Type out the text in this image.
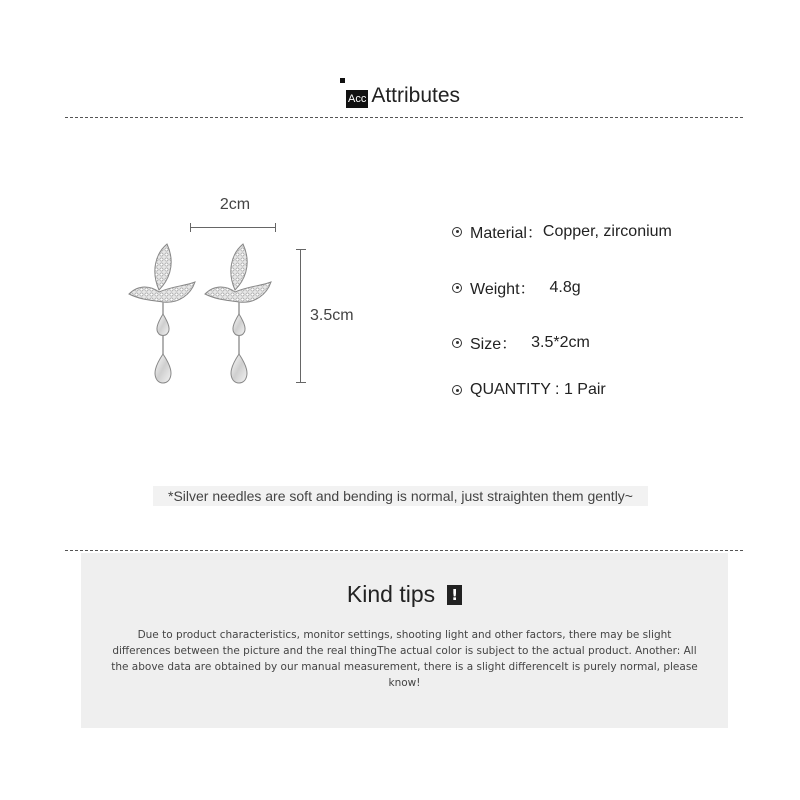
Acc Attributes
2cm
3.5cm
Material： Copper, zirconium
Weight： 4.8g
Size： 3.5*2cm
QUANTITY : 1 Pair
*Silver needles are soft and bending is normal, just straighten them gently~
Kind tips !
Due to product characteristics, monitor settings, shooting light and other factors, there may be slight differences between the picture and the real thingThe actual color is subject to the actual product. Another: All the above data are obtained by our manual measurement, there is a slight differenceIt is purely normal, please know!
